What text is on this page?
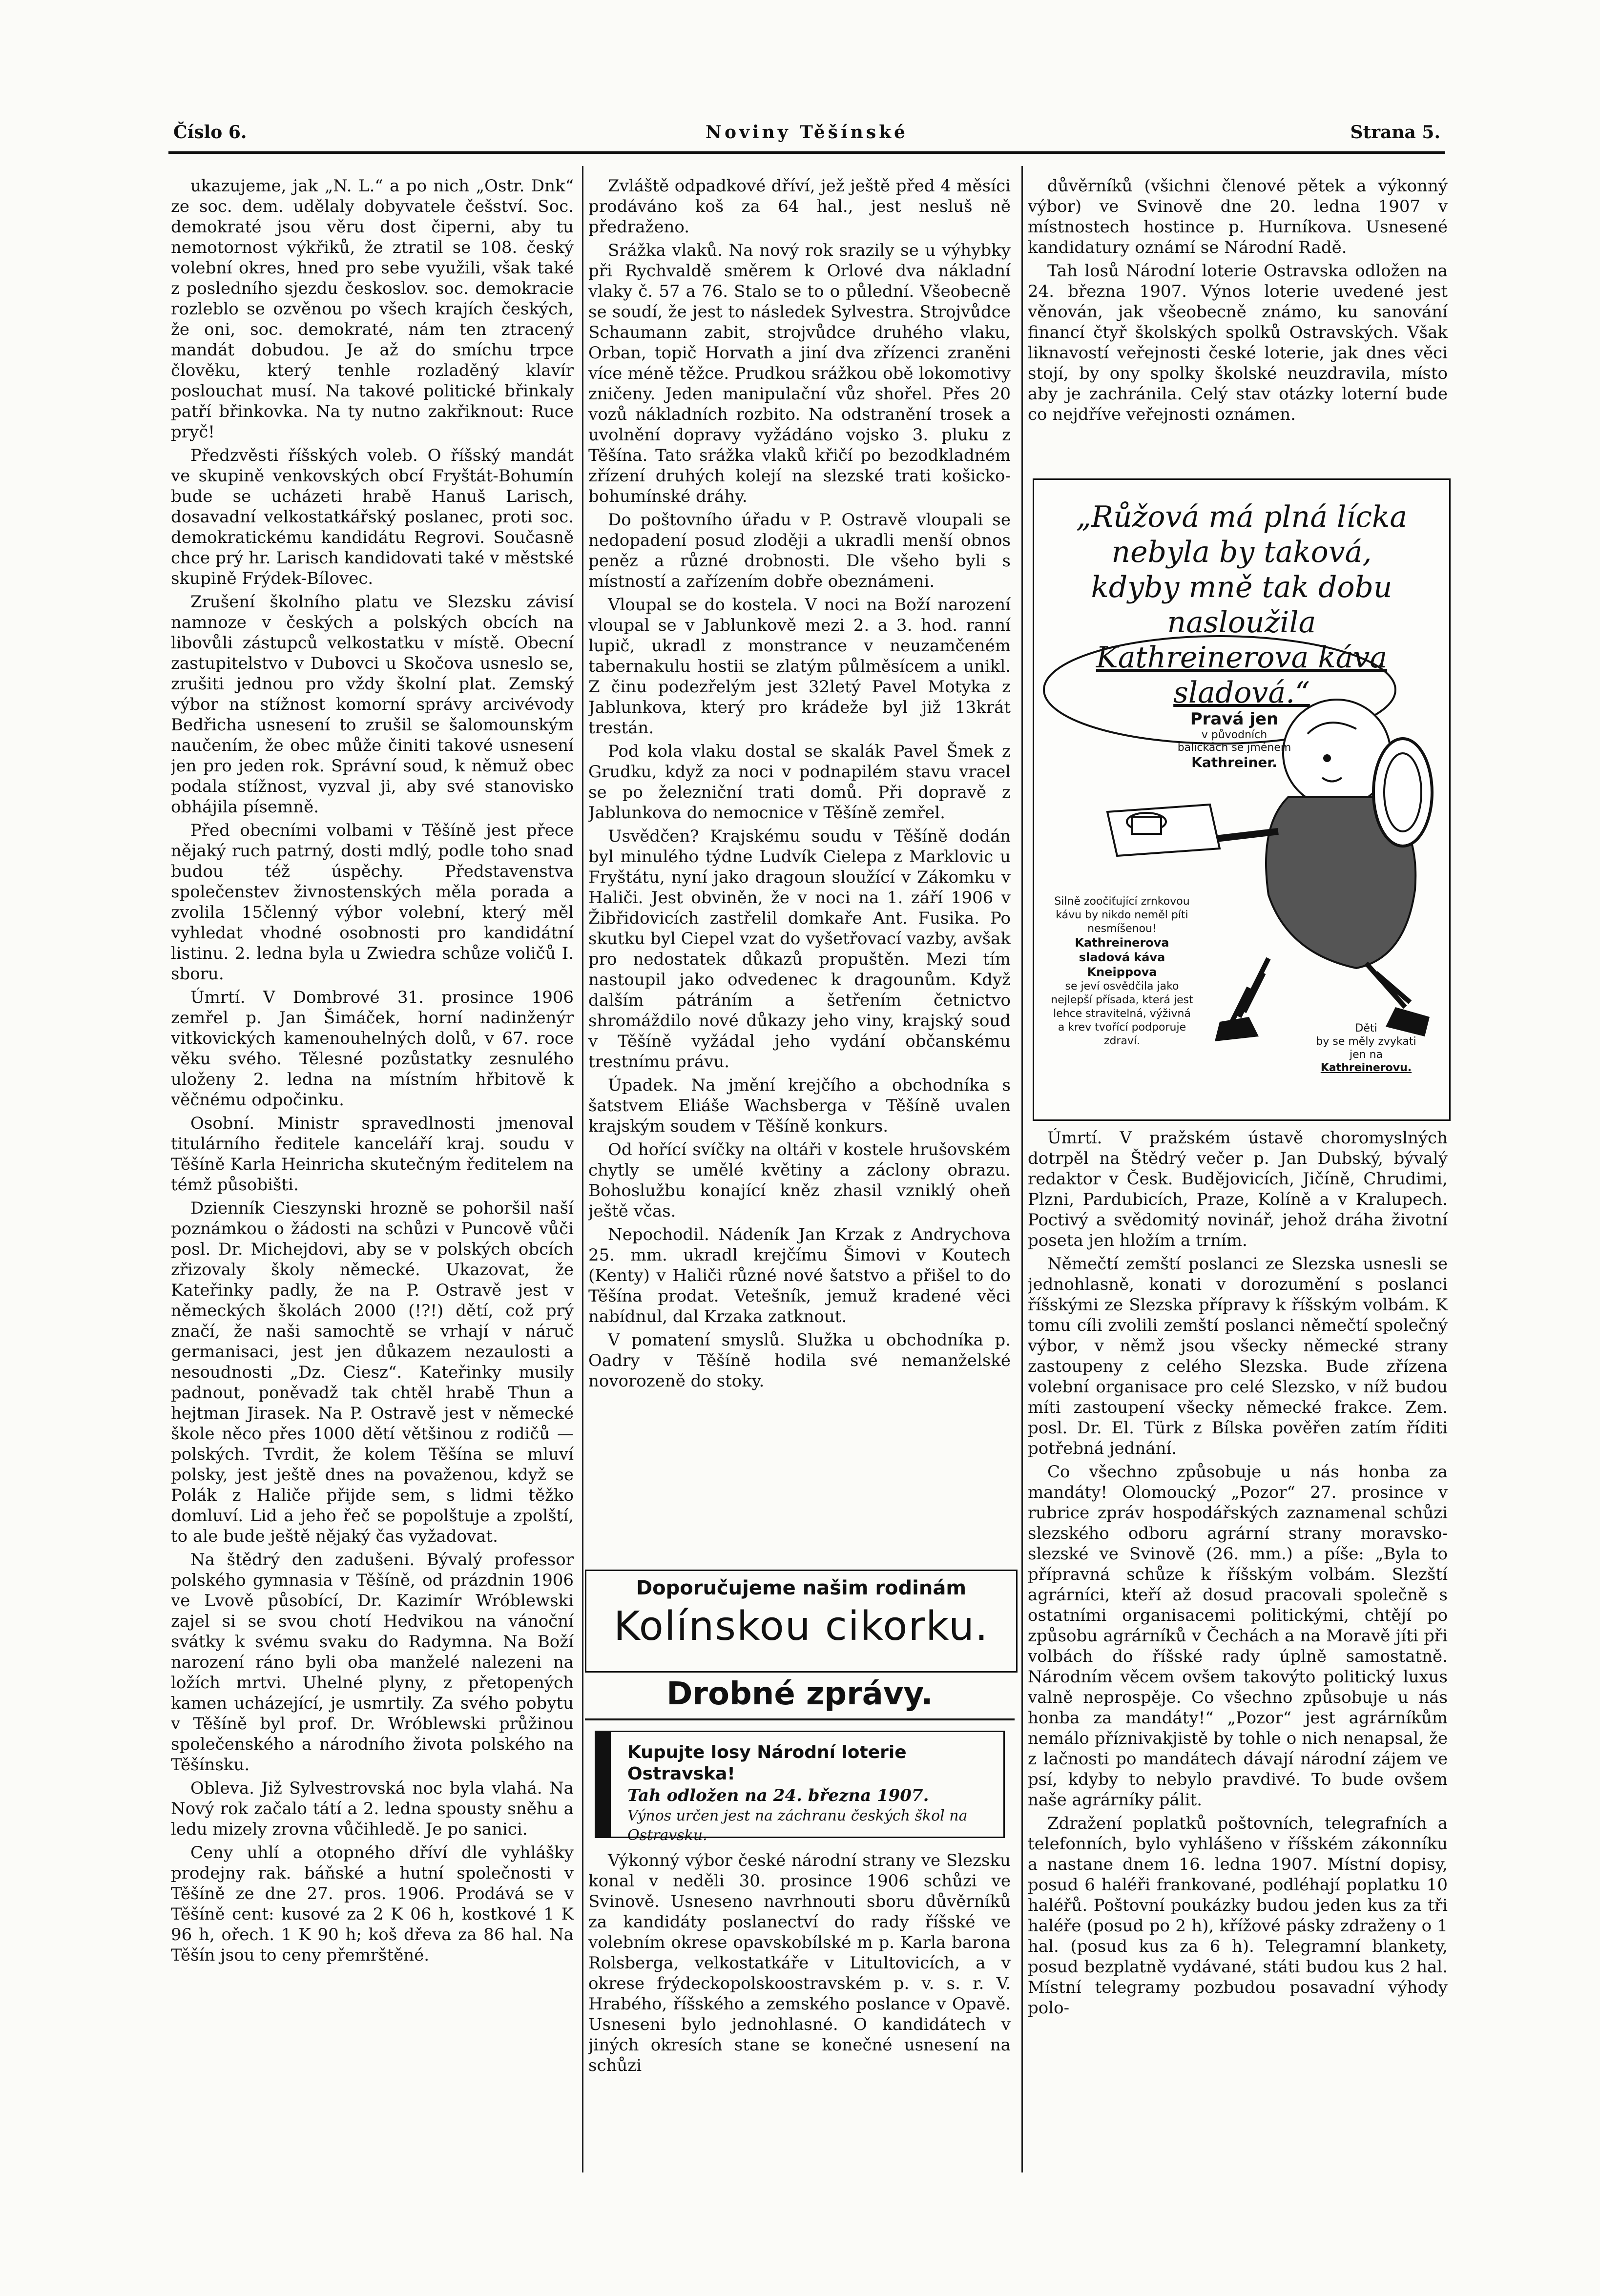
Číslo 6.	Noviny Těšínské	Strana 5.

ukazujeme, jak „N. L.“ a po nich „Ostr. Dnk“ ze soc. dem. udělaly dobyvatele češství. Soc. demokraté jsou věru dost čiperni, aby tu nemotornost výkřiků, že ztratil se 108. český volební okres, hned pro sebe využili, však také z posledního sjezdu českoslov. soc. demokracie rozleblo se ozvěnou po všech krajích českých, že oni, soc. demokraté, nám ten ztracený mandát dobudou. Je až do smíchu trpce člověku, který tenhle rozladěný klavír poslouchat musí. Na takové politické břinkaly patří břinkovka. Na ty nutno zakřiknout: Ruce pryč!

Předzvěsti říšských voleb. O říšský mandát ve skupině venkovských obcí Fryštát-Bohumín bude se ucházeti hrabě Hanuš Larisch, dosavadní velkostatkářský poslanec, proti soc. demokratickému kandidátu Regrovi. Současně chce prý hr. Larisch kandidovati také v městské skupině Frýdek-Bílovec.

Zrušení školního platu ve Slezsku závisí namnoze v českých a polských obcích na libovůli zástupců velkostatku v místě. Obecní zastupitelstvo v Dubovci u Skočova usneslo se, zrušiti jednou pro vždy školní plat. Zemský výbor na stížnost komorní správy arcivévody Bedřicha usnesení to zrušil se šalomounským naučením, že obec může činiti takové usnesení jen pro jeden rok. Správní soud, k němuž obec podala stížnost, vyzval ji, aby své stanovisko obhájila písemně.

Před obecními volbami v Těšíně jest přece nějaký ruch patrný, dosti mdlý, podle toho snad budou též úspěchy. Představenstva společenstev živnostenských měla porada a zvolila 15členný výbor volební, který měl vyhledat vhodné osobnosti pro kandidátní listinu. 2. ledna byla u Zwiedra schůze voličů I. sboru.

Úmrtí. V Dombrové 31. prosince 1906 zemřel p. Jan Šimáček, horní nadinženýr vitkovických kamenouhelných dolů, v 67. roce věku svého. Tělesné pozůstatky zesnulého uloženy 2. ledna na místním hřbitově k věčnému odpočinku.

Osobní. Ministr spravedlnosti jmenoval titulárního ředitele kanceláří kraj. soudu v Těšíně Karla Heinricha skutečným ředitelem na témž působišti.

Dzienník Cieszynski hrozně se pohoršil naší poznámkou o žádosti na schůzi v Puncově vůči posl. Dr. Michejdovi, aby se v polských obcích zřizovaly školy německé. Ukazovat, že Kateřinky padly, že na P. Ostravě jest v německých školách 2000 (!?!) dětí, což prý značí, že naši samochtě se vrhají v náruč germanisaci, jest jen důkazem nezaulosti a nesoudnosti „Dz. Ciesz“. Kateřinky musily padnout, poněvadž tak chtěl hrabě Thun a hejtman Jirasek. Na P. Ostravě jest v německé škole něco přes 1000 dětí většinou z rodičů — polských. Tvrdit, že kolem Těšína se mluví polsky, jest ještě dnes na považenou, když se Polák z Haliče přijde sem, s lidmi těžko domluví. Lid a jeho řeč se popolštuje a zpolští, to ale bude ještě nějaký čas vyžadovat.

Na štědrý den zadušeni. Bývalý professor polského gymnasia v Těšíně, od prázdnin 1906 ve Lvově působící, Dr. Kazimír Wróblewski zajel si se svou chotí Hedvikou na vánoční svátky k svému svaku do Radymna. Na Boží narození ráno byli oba manželé nalezeni na ložích mrtvi. Uhelné plyny, z přetopených kamen ucházející, je usmrtily. Za svého pobytu v Těšíně byl prof. Dr. Wróblewski průžinou společenského a národního života polského na Těšínsku.

Obleva. Již Sylvestrovská noc byla vlahá. Na Nový rok začalo tátí a 2. ledna spousty sněhu a ledu mizely zrovna vůčihledě. Je po sanici.

Ceny uhlí a otopného dříví dle vyhlášky prodejny rak. báňské a hutní společnosti v Těšíně ze dne 27. pros. 1906. Prodává se v Těšíně cent: kusové za 2 K 06 h, kostkové 1 K 96 h, ořech. 1 K 90 h; koš dřeva za 86 hal. Na Těšín jsou to ceny přemrštěné.

Zvláště odpadkové dříví, jež ještě před 4 měsíci prodáváno koš za 64 hal., jest nesluš ně předraženo.

Srážka vlaků. Na nový rok srazily se u výhybky při Rychvaldě směrem k Orlové dva nákladní vlaky č. 57 a 76. Stalo se to o půlední. Všeobecně se soudí, že jest to následek Sylvestra. Strojvůdce Schaumann zabit, strojvůdce druhého vlaku, Orban, topič Horvath a jiní dva zřízenci zraněni více méně těžce. Prudkou srážkou obě lokomotivy zničeny. Jeden manipulační vůz shořel. Přes 20 vozů nákladních rozbito. Na odstranění trosek a uvolnění dopravy vyžádáno vojsko 3. pluku z Těšína. Tato srážka vlaků křičí po bezodkladném zřízení druhých kolejí na slezské trati košicko-bohumínské dráhy.

Do poštovního úřadu v P. Ostravě vloupali se nedopadení posud zloději a ukradli menší obnos peněz a různé drobnosti. Dle všeho byli s místností a zařízením dobře obeznámeni.

Vloupal se do kostela. V noci na Boží narození vloupal se v Jablunkově mezi 2. a 3. hod. ranní lupič, ukradl z monstrance v neuzamčeném tabernakulu hostii se zlatým půlměsícem a unikl. Z činu podezřelým jest 32letý Pavel Motyka z Jablunkova, který pro krádeže byl již 13krát trestán.

Pod kola vlaku dostal se skalák Pavel Šmek z Grudku, když za noci v podnapilém stavu vracel se po železniční trati domů. Při dopravě z Jablunkova do nemocnice v Těšíně zemřel.

Usvědčen? Krajskému soudu v Těšíně dodán byl minulého týdne Ludvík Cielepa z Marklovic u Fryštátu, nyní jako dragoun sloužící v Zákomku v Haliči. Jest obviněn, že v noci na 1. září 1906 v Žibřidovicích zastřelil domkaře Ant. Fusika. Po skutku byl Ciepel vzat do vyšetřovací vazby, avšak pro nedostatek důkazů propuštěn. Mezi tím nastoupil jako odvedenec k dragounům. Když dalším pátráním a šetřením četnictvo shromáždilo nové důkazy jeho viny, krajský soud v Těšíně vyžádal jeho vydání občanskému trestnímu právu.

Úpadek. Na jmění krejčího a obchodníka s šatstvem Eliáše Wachsberga v Těšíně uvalen krajským soudem v Těšíně konkurs.

Od hořící svíčky na oltáři v kostele hrušovském chytly se umělé květiny a záclony obrazu. Bohoslužbu konající kněz zhasil vzniklý oheň ještě včas.

Nepochodil. Nádeník Jan Krzak z Andrychova 25. mm. ukradl krejčímu Šimovi v Koutech (Kenty) v Haliči různé nové šatstvo a přišel to do Těšína prodat. Vetešník, jemuž kradené věci nabídnul, dal Krzaka zatknout.

V pomatení smyslů. Služka u obchodníka p. Oadry v Těšíně hodila své nemanželské novorozeně do stoky.

Výkonný výbor české národní strany ve Slezsku konal v neděli 30. prosince 1906 schůzi ve Svinově. Usneseno navrhnouti sboru důvěrníků za kandidáty poslanectví do rady říšské ve volebním okrese opavskobílské m p. Karla barona Rolsberga, velkostatkáře v Litultovicích, a v okrese frýdeckopolskoostravském p. v. s. r. V. Hrabého, říšského a zemského poslance v Opavě. Usneseni bylo jednohlasné. O kandidátech v jiných okresích stane se konečné usnesení na schůzi

důvěrníků (všichni členové pětek a výkonný výbor) ve Svinově dne 20. ledna 1907 v místnostech hostince p. Hurníkova. Usnesené kandidatury oznámí se Národní Radě.

Tah losů Národní loterie Ostravska odložen na 24. března 1907. Výnos loterie uvedené jest věnován, jak všeobecně známo, ku sanování financí čtyř školských spolků Ostravských. Však liknavostí veřejnosti české loterie, jak dnes věci stojí, by ony spolky školské neuzdravila, místo aby je zachránila. Celý stav otázky loterní bude co nejdříve veřejnosti oznámen.

Úmrtí. V pražském ústavě choromyslných dotrpěl na Štědrý večer p. Jan Dubský, bývalý redaktor v Česk. Budějovicích, Jičíně, Chrudimi, Plzni, Pardubicích, Praze, Kolíně a v Kralupech. Poctivý a svědomitý novinář, jehož dráha životní poseta jen hložím a trním.

Němečtí zemští poslanci ze Slezska usnesli se jednohlasně, konati v dorozumění s poslanci říšskými ze Slezska přípravy k říšským volbám. K tomu cíli zvolili zemští poslanci němečtí společný výbor, v němž jsou všecky německé strany zastoupeny z celého Slezska. Bude zřízena volební organisace pro celé Slezsko, v níž budou míti zastoupení všecky německé frakce. Zem. posl. Dr. El. Türk z Bílska pověřen zatím říditi potřebná jednání.

Co všechno způsobuje u nás honba za mandáty! Olomoucký „Pozor“ 27. prosince v rubrice zpráv hospodářských zaznamenal schůzi slezského odboru agrární strany moravsko-slezské ve Svinově (26. mm.) a píše: „Byla to přípravná schůze k říšským volbám. Slezští agrárníci, kteří až dosud pracovali společně s ostatními organisacemi politickými, chtějí po způsobu agrárníků v Čechách a na Moravě jíti při volbách do říšské rady úplně samostatně. Národním věcem ovšem takovýto politický luxus valně neprospěje. Co všechno způsobuje u nás honba za mandáty!“ „Pozor“ jest agrárníkům nemálo příznivakjistě by tohle o nich nenapsal, že z lačnosti po mandátech dávají národní zájem ve psí, kdyby to nebylo pravdivé. To bude ovšem naše agrárníky pálit.

Zdražení poplatků poštovních, telegrafních a telefonních, bylo vyhlášeno v říšském zákonníku a nastane dnem 16. ledna 1907. Místní dopisy, posud 6 haléři frankované, podléhají poplatku 10 haléřů. Poštovní poukázky budou jeden kus za tři haléře (posud po 2 h), křížové pásky zdraženy o 1 hal. (posud kus za 6 h). Telegramní blankety, posud bezplatně vydávané, státi budou kus 2 hal. Místní telegramy pozbudou posavadní výhody polo-

Doporučujeme našim rodinám
Kolínskou cikorku.
Drobné zprávy.
Kupujte losy Národní loterie Ostravska!
Tah odložen na 24. března 1907.
Výnos určen jest na záchranu českých škol na Ostravsku.
„Růžová má plná lícka
nebyla by taková,
kdyby mně tak dobu nasloužila
Kathreinerova káva sladová.“
Pravá jen
v původních balíčkách se jménem
Kathreiner.
Silně zoočiťující zrnkovou kávu by nikdo neměl píti nesmíšenou!
Kathreinerova sladová káva Kneippova
se jeví osvědčila jako nejlepší přísada, která jest lehce stravitelná, výživná a krev tvořící podporuje zdraví.
Děti
by se měly zvykati jen na
Kathreinerovu.
